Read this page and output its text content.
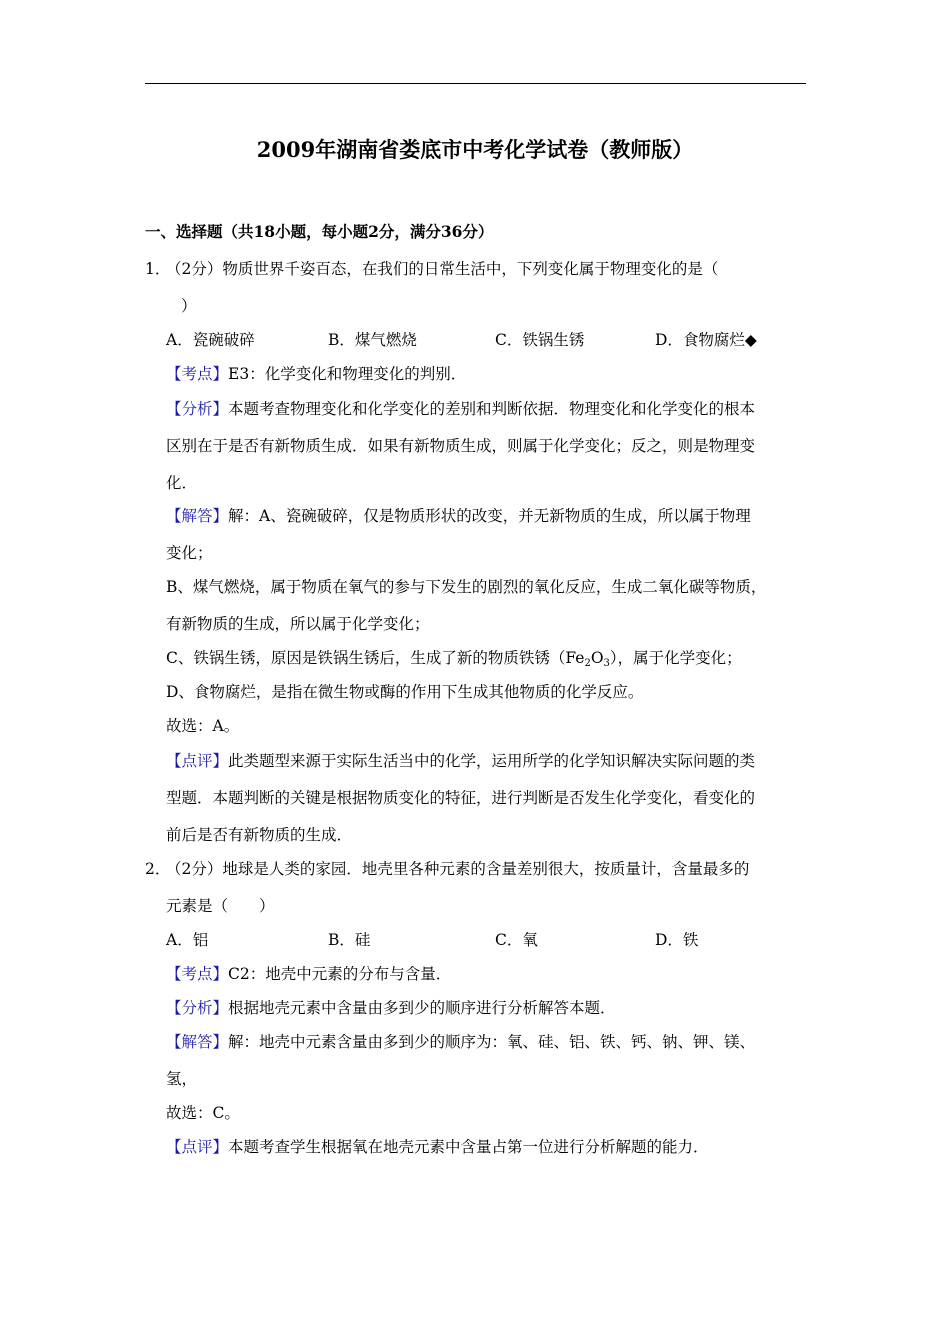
2009年湖南省娄底市中考化学试卷（教师版）
一、选择题（共18小题，每小题2分，满分36分）
1．
（2分）物质世界千姿百态，在我们的日常生活中，下列变化属于物理变化的是（
）
A．瓷碗破碎	B．煤气燃烧	C．铁锅生锈	D．食物腐烂◆
【考点】E3：化学变化和物理变化的判别．
【分析】本题考查物理变化和化学变化的差别和判断依据．物理变化和化学变化的根本
区别在于是否有新物质生成．如果有新物质生成，则属于化学变化；反之，则是物理变
化．
【解答】解：A、瓷碗破碎，仅是物质形状的改变，并无新物质的生成，所以属于物理
变化；
B、煤气燃烧，属于物质在氧气的参与下发生的剧烈的氧化反应，生成二氧化碳等物质，
有新物质的生成，所以属于化学变化；
C、铁锅生锈，原因是铁锅生锈后，生成了新的物质铁锈$(Fe_2O_3)$，属于化学变化；
D、食物腐烂，是指在微生物或酶的作用下生成其他物质的化学反应。
故选：A。
【点评】此类题型来源于实际生活当中的化学，运用所学的化学知识解决实际问题的类
型题．本题判断的关键是根据物质变化的特征，进行判断是否发生化学变化，看变化的
前后是否有新物质的生成．
2．
（2分）地球是人类的家园．地壳里各种元素的含量差别很大，按质量计，含量最多的
元素是（　　）
A．铝	B．硅	C．氧	D．铁
【考点】C2：地壳中元素的分布与含量．
【分析】根据地壳元素中含量由多到少的顺序进行分析解答本题．
【解答】解：地壳中元素含量由多到少的顺序为：氧、硅、铝、铁、钙、钠、钾、镁、
氢，
故选：C。
【点评】本题考查学生根据氧在地壳元素中含量占第一位进行分析解题的能力．
